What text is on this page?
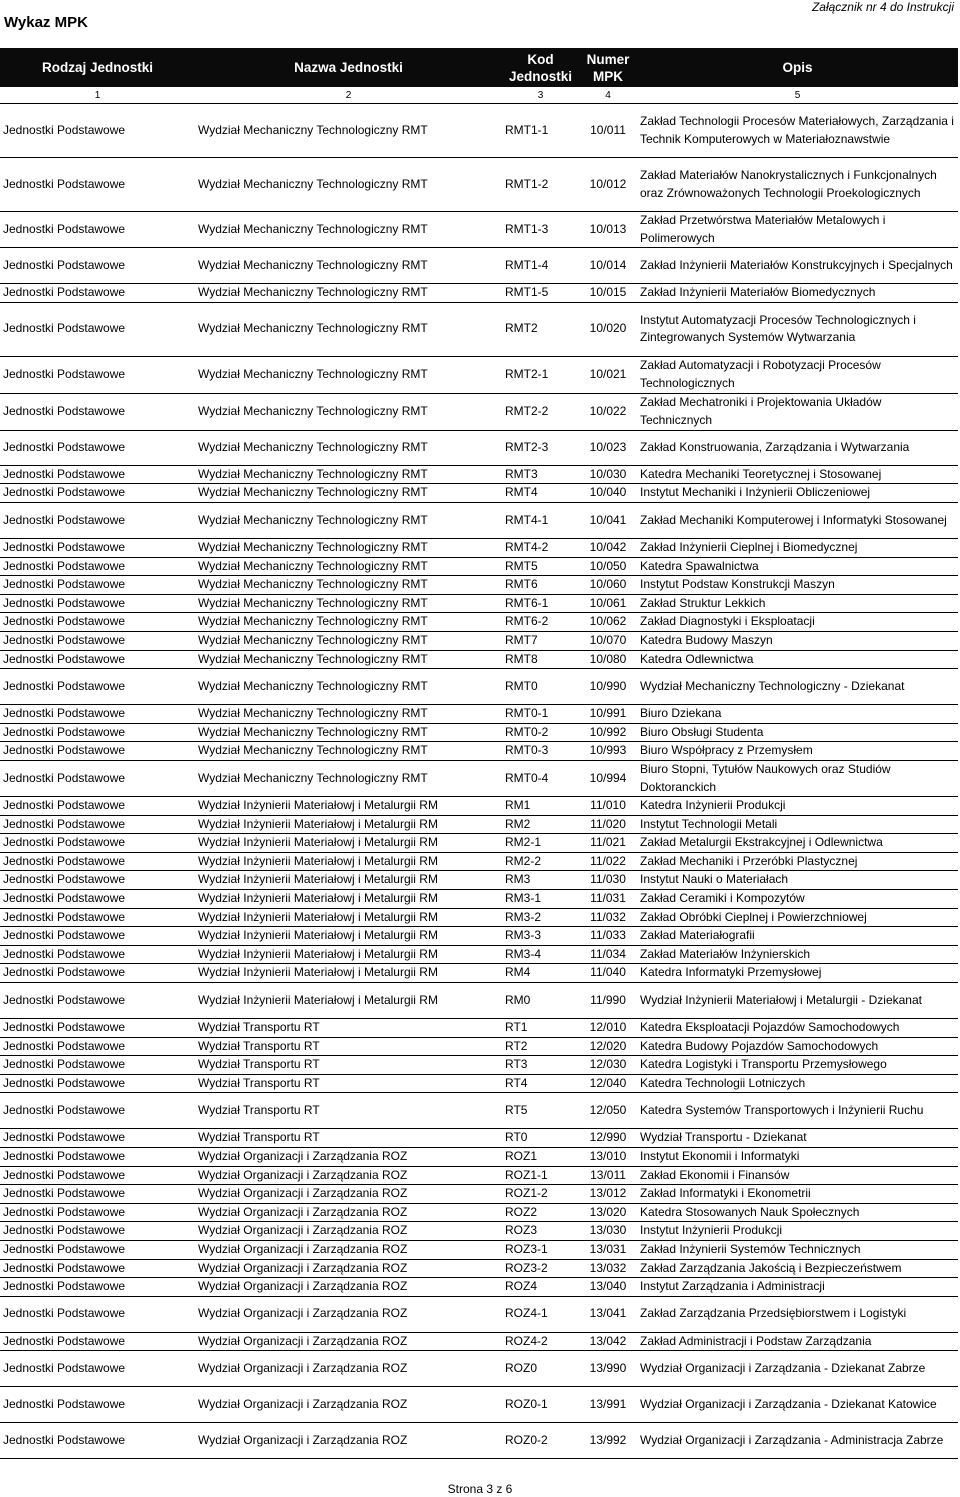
Wykaz MPK
Załącznik nr 4 do Instrukcji
Rodzaj Jednostki	Nazwa Jednostki	Kod Jednostki	Numer MPK	Opis
1	2	3	4	5
Jednostki Podstawowe	Wydział Mechaniczny Technologiczny RMT	RMT1-1	10/011	Zakład Technologii Procesów Materiałowych, Zarządzania i Technik Komputerowych w Materiałoznawstwie
Jednostki Podstawowe	Wydział Mechaniczny Technologiczny RMT	RMT1-2	10/012	Zakład Materiałów Nanokrystalicznych i Funkcjonalnych oraz Zrównoważonych Technologii Proekologicznych
Jednostki Podstawowe	Wydział Mechaniczny Technologiczny RMT	RMT1-3	10/013	Zakład Przetwórstwa Materiałów Metalowych i Polimerowych
Jednostki Podstawowe	Wydział Mechaniczny Technologiczny RMT	RMT1-4	10/014	Zakład Inżynierii Materiałów Konstrukcyjnych i Specjalnych
Jednostki Podstawowe	Wydział Mechaniczny Technologiczny RMT	RMT1-5	10/015	Zakład Inżynierii Materiałów Biomedycznych
Jednostki Podstawowe	Wydział Mechaniczny Technologiczny RMT	RMT2	10/020	Instytut Automatyzacji Procesów Technologicznych i Zintegrowanych Systemów Wytwarzania
Jednostki Podstawowe	Wydział Mechaniczny Technologiczny RMT	RMT2-1	10/021	Zakład Automatyzacji i Robotyzacji Procesów Technologicznych
Jednostki Podstawowe	Wydział Mechaniczny Technologiczny RMT	RMT2-2	10/022	Zakład Mechatroniki i Projektowania Układów Technicznych
Jednostki Podstawowe	Wydział Mechaniczny Technologiczny RMT	RMT2-3	10/023	Zakład Konstruowania, Zarządzania i Wytwarzania
Jednostki Podstawowe	Wydział Mechaniczny Technologiczny RMT	RMT3	10/030	Katedra Mechaniki Teoretycznej i Stosowanej
Jednostki Podstawowe	Wydział Mechaniczny Technologiczny RMT	RMT4	10/040	Instytut Mechaniki i Inżynierii Obliczeniowej
Jednostki Podstawowe	Wydział Mechaniczny Technologiczny RMT	RMT4-1	10/041	Zakład Mechaniki Komputerowej i Informatyki Stosowanej
Jednostki Podstawowe	Wydział Mechaniczny Technologiczny RMT	RMT4-2	10/042	Zakład Inżynierii Cieplnej i Biomedycznej
Jednostki Podstawowe	Wydział Mechaniczny Technologiczny RMT	RMT5	10/050	Katedra Spawalnictwa
Jednostki Podstawowe	Wydział Mechaniczny Technologiczny RMT	RMT6	10/060	Instytut Podstaw Konstrukcji Maszyn
Jednostki Podstawowe	Wydział Mechaniczny Technologiczny RMT	RMT6-1	10/061	Zakład Struktur Lekkich
Jednostki Podstawowe	Wydział Mechaniczny Technologiczny RMT	RMT6-2	10/062	Zakład Diagnostyki i Eksploatacji
Jednostki Podstawowe	Wydział Mechaniczny Technologiczny RMT	RMT7	10/070	Katedra Budowy Maszyn
Jednostki Podstawowe	Wydział Mechaniczny Technologiczny RMT	RMT8	10/080	Katedra Odlewnictwa
Jednostki Podstawowe	Wydział Mechaniczny Technologiczny RMT	RMT0	10/990	Wydział Mechaniczny Technologiczny - Dziekanat
Jednostki Podstawowe	Wydział Mechaniczny Technologiczny RMT	RMT0-1	10/991	Biuro Dziekana
Jednostki Podstawowe	Wydział Mechaniczny Technologiczny RMT	RMT0-2	10/992	Biuro Obsługi Studenta
Jednostki Podstawowe	Wydział Mechaniczny Technologiczny RMT	RMT0-3	10/993	Biuro Współpracy z Przemysłem
Jednostki Podstawowe	Wydział Mechaniczny Technologiczny RMT	RMT0-4	10/994	Biuro Stopni, Tytułów Naukowych oraz Studiów Doktoranckich
Jednostki Podstawowe	Wydział Inżynierii Materiałowj i Metalurgii RM	RM1	11/010	Katedra Inżynierii Produkcji
Jednostki Podstawowe	Wydział Inżynierii Materiałowj i Metalurgii RM	RM2	11/020	Instytut Technologii Metali
Jednostki Podstawowe	Wydział Inżynierii Materiałowj i Metalurgii RM	RM2-1	11/021	Zakład Metalurgii Ekstrakcyjnej i Odlewnictwa
Jednostki Podstawowe	Wydział Inżynierii Materiałowj i Metalurgii RM	RM2-2	11/022	Zakład Mechaniki i Przeróbki Plastycznej
Jednostki Podstawowe	Wydział Inżynierii Materiałowj i Metalurgii RM	RM3	11/030	Instytut Nauki o Materiałach
Jednostki Podstawowe	Wydział Inżynierii Materiałowj i Metalurgii RM	RM3-1	11/031	Zakład Ceramiki i Kompozytów
Jednostki Podstawowe	Wydział Inżynierii Materiałowj i Metalurgii RM	RM3-2	11/032	Zakład Obróbki Cieplnej i Powierzchniowej
Jednostki Podstawowe	Wydział Inżynierii Materiałowj i Metalurgii RM	RM3-3	11/033	Zakład Materiałografii
Jednostki Podstawowe	Wydział Inżynierii Materiałowj i Metalurgii RM	RM3-4	11/034	Zakład Materiałów Inżynierskich
Jednostki Podstawowe	Wydział Inżynierii Materiałowj i Metalurgii RM	RM4	11/040	Katedra Informatyki Przemysłowej
Jednostki Podstawowe	Wydział Inżynierii Materiałowj i Metalurgii RM	RM0	11/990	Wydział Inżynierii Materiałowj i Metalurgii - Dziekanat
Jednostki Podstawowe	Wydział Transportu RT	RT1	12/010	Katedra Eksploatacji Pojazdów Samochodowych
Jednostki Podstawowe	Wydział Transportu RT	RT2	12/020	Katedra Budowy Pojazdów Samochodowych
Jednostki Podstawowe	Wydział Transportu RT	RT3	12/030	Katedra Logistyki i Transportu Przemysłowego
Jednostki Podstawowe	Wydział Transportu RT	RT4	12/040	Katedra Technologii Lotniczych
Jednostki Podstawowe	Wydział Transportu RT	RT5	12/050	Katedra Systemów Transportowych i Inżynierii Ruchu
Jednostki Podstawowe	Wydział Transportu RT	RT0	12/990	Wydział Transportu - Dziekanat
Jednostki Podstawowe	Wydział Organizacji i Zarządzania ROZ	ROZ1	13/010	Instytut Ekonomii i Informatyki
Jednostki Podstawowe	Wydział Organizacji i Zarządzania ROZ	ROZ1-1	13/011	Zakład Ekonomii i Finansów
Jednostki Podstawowe	Wydział Organizacji i Zarządzania ROZ	ROZ1-2	13/012	Zakład Informatyki i Ekonometrii
Jednostki Podstawowe	Wydział Organizacji i Zarządzania ROZ	ROZ2	13/020	Katedra Stosowanych Nauk Społecznych
Jednostki Podstawowe	Wydział Organizacji i Zarządzania ROZ	ROZ3	13/030	Instytut Inżynierii Produkcji
Jednostki Podstawowe	Wydział Organizacji i Zarządzania ROZ	ROZ3-1	13/031	Zakład Inżynierii Systemów Technicznych
Jednostki Podstawowe	Wydział Organizacji i Zarządzania ROZ	ROZ3-2	13/032	Zakład Zarządzania Jakością i Bezpieczeństwem
Jednostki Podstawowe	Wydział Organizacji i Zarządzania ROZ	ROZ4	13/040	Instytut Zarządzania i Administracji
Jednostki Podstawowe	Wydział Organizacji i Zarządzania ROZ	ROZ4-1	13/041	Zakład Zarządzania Przedsiębiorstwem i Logistyki
Jednostki Podstawowe	Wydział Organizacji i Zarządzania ROZ	ROZ4-2	13/042	Zakład Administracji i Podstaw Zarządzania
Jednostki Podstawowe	Wydział Organizacji i Zarządzania ROZ	ROZ0	13/990	Wydział Organizacji i Zarządzania - Dziekanat Zabrze
Jednostki Podstawowe	Wydział Organizacji i Zarządzania ROZ	ROZ0-1	13/991	Wydział Organizacji i Zarządzania - Dziekanat Katowice
Jednostki Podstawowe	Wydział Organizacji i Zarządzania ROZ	ROZ0-2	13/992	Wydział Organizacji i Zarządzania - Administracja Zabrze
Strona 3 z 6
